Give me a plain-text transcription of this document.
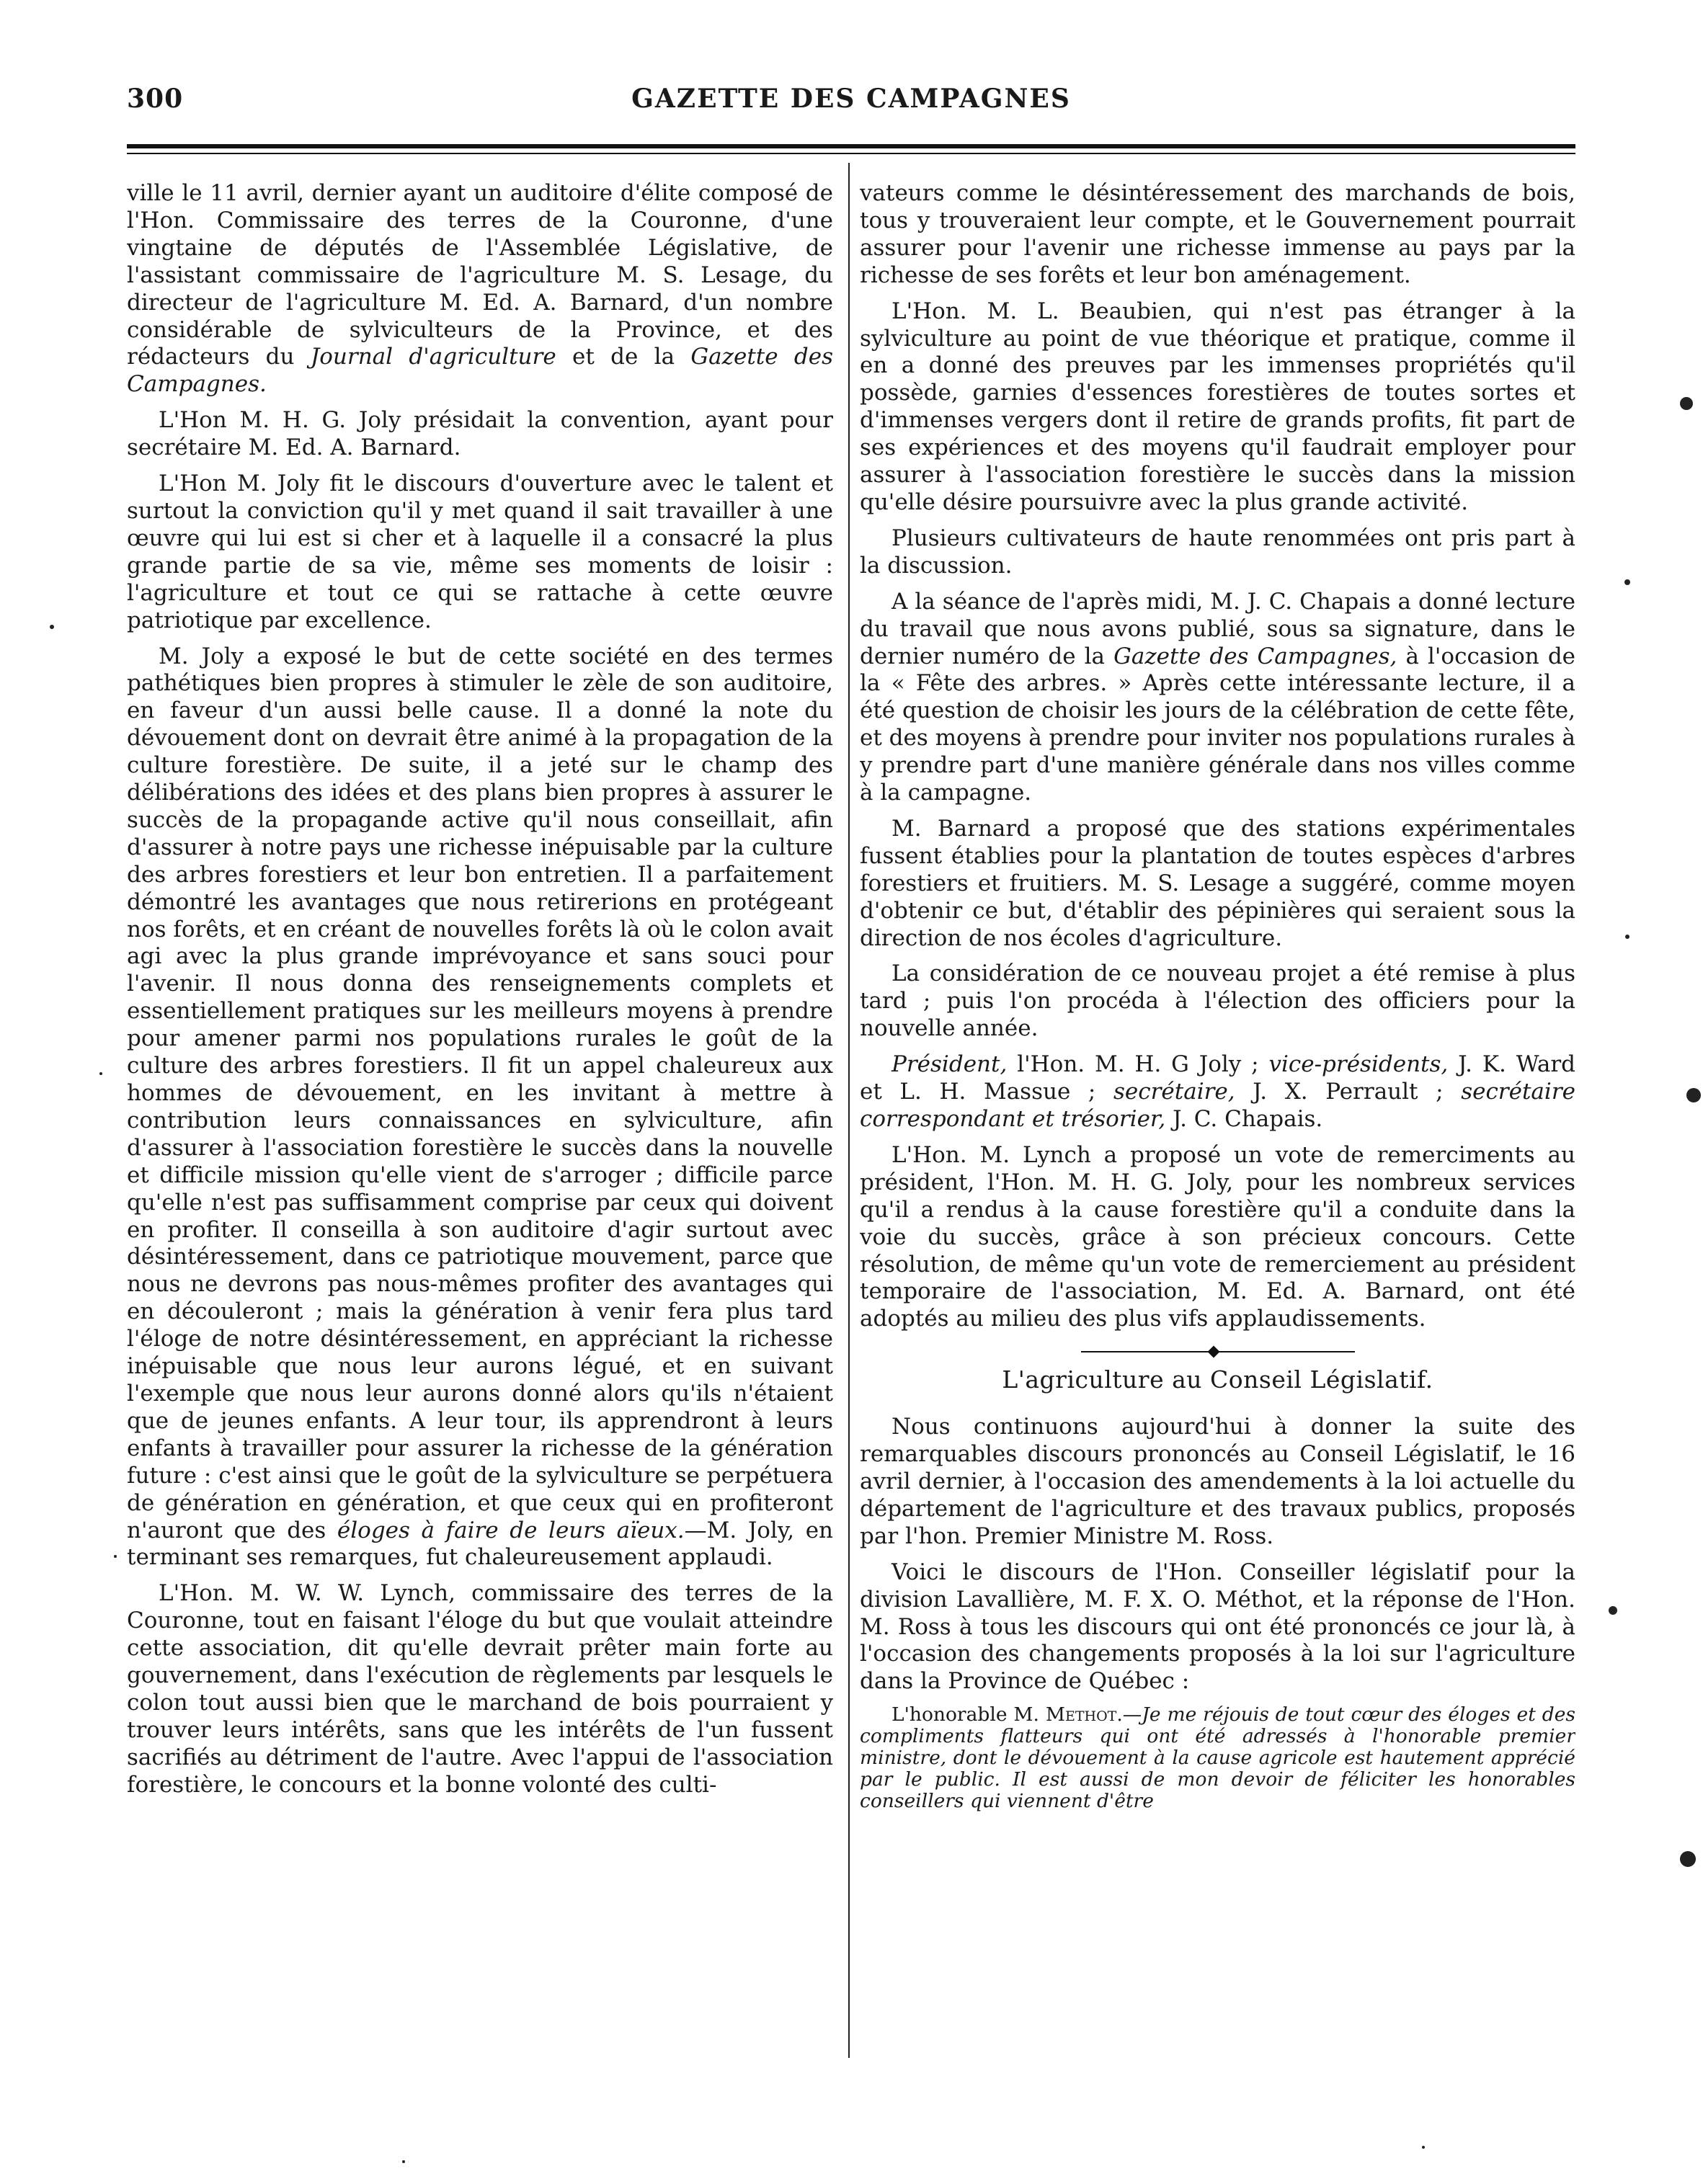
300	GAZETTE DES CAMPAGNES

ville le 11 avril, dernier ayant un auditoire d'élite composé de l'Hon. Commissaire des terres de la Couronne, d'une vingtaine de députés de l'Assemblée Législative, de l'assistant commissaire de l'agriculture M. S. Lesage, du directeur de l'agriculture M. Ed. A. Barnard, d'un nombre considérable de sylviculteurs de la Province, et des rédacteurs du Journal d'agriculture et de la Gazette des Campagnes.

L'Hon M. H. G. Joly présidait la convention, ayant pour secrétaire M. Ed. A. Barnard.

L'Hon M. Joly fit le discours d'ouverture avec le talent et surtout la conviction qu'il y met quand il sait travailler à une œuvre qui lui est si cher et à laquelle il a consacré la plus grande partie de sa vie, même ses moments de loisir : l'agriculture et tout ce qui se rattache à cette œuvre patriotique par excellence.

M. Joly a exposé le but de cette société en des termes pathétiques bien propres à stimuler le zèle de son auditoire, en faveur d'un aussi belle cause. Il a donné la note du dévouement dont on devrait être animé à la propagation de la culture forestière. De suite, il a jeté sur le champ des délibérations des idées et des plans bien propres à assurer le succès de la propagande active qu'il nous conseillait, afin d'assurer à notre pays une richesse inépuisable par la culture des arbres forestiers et leur bon entretien. Il a parfaitement démontré les avantages que nous retirerions en protégeant nos forêts, et en créant de nouvelles forêts là où le colon avait agi avec la plus grande imprévoyance et sans souci pour l'avenir. Il nous donna des renseignements complets et essentiellement pratiques sur les meilleurs moyens à prendre pour amener parmi nos populations rurales le goût de la culture des arbres forestiers. Il fit un appel chaleureux aux hommes de dévouement, en les invitant à mettre à contribution leurs connaissances en sylviculture, afin d'assurer à l'association forestière le succès dans la nouvelle et difficile mission qu'elle vient de s'arroger ; difficile parce qu'elle n'est pas suffisamment comprise par ceux qui doivent en profiter. Il conseilla à son auditoire d'agir surtout avec désintéressement, dans ce patriotique mouvement, parce que nous ne devrons pas nous-mêmes profiter des avantages qui en découleront ; mais la génération à venir fera plus tard l'éloge de notre désintéressement, en appréciant la richesse inépuisable que nous leur aurons légué, et en suivant l'exemple que nous leur aurons donné alors qu'ils n'étaient que de jeunes enfants. A leur tour, ils apprendront à leurs enfants à travailler pour assurer la richesse de la génération future : c'est ainsi que le goût de la sylviculture se perpétuera de génération en génération, et que ceux qui en profiteront n'auront que des éloges à faire de leurs aïeux.—M. Joly, en terminant ses remarques, fut chaleureusement applaudi.

L'Hon. M. W. W. Lynch, commissaire des terres de la Couronne, tout en faisant l'éloge du but que voulait atteindre cette association, dit qu'elle devrait prêter main forte au gouvernement, dans l'exécution de règlements par lesquels le colon tout aussi bien que le marchand de bois pourraient y trouver leurs intérêts, sans que les intérêts de l'un fussent sacrifiés au détriment de l'autre. Avec l'appui de l'association forestière, le concours et la bonne volonté des culti-

vateurs comme le désintéressement des marchands de bois, tous y trouveraient leur compte, et le Gouvernement pourrait assurer pour l'avenir une richesse immense au pays par la richesse de ses forêts et leur bon aménagement.

L'Hon. M. L. Beaubien, qui n'est pas étranger à la sylviculture au point de vue théorique et pratique, comme il en a donné des preuves par les immenses propriétés qu'il possède, garnies d'essences forestières de toutes sortes et d'immenses vergers dont il retire de grands profits, fit part de ses expériences et des moyens qu'il faudrait employer pour assurer à l'association forestière le succès dans la mission qu'elle désire poursuivre avec la plus grande activité.

Plusieurs cultivateurs de haute renommées ont pris part à la discussion.

A la séance de l'après midi, M. J. C. Chapais a donné lecture du travail que nous avons publié, sous sa signature, dans le dernier numéro de la Gazette des Campagnes, à l'occasion de la « Fête des arbres. » Après cette intéressante lecture, il a été question de choisir les jours de la célébration de cette fête, et des moyens à prendre pour inviter nos populations rurales à y prendre part d'une manière générale dans nos villes comme à la campagne.

M. Barnard a proposé que des stations expérimentales fussent établies pour la plantation de toutes espèces d'arbres forestiers et fruitiers. M. S. Lesage a suggéré, comme moyen d'obtenir ce but, d'établir des pépinières qui seraient sous la direction de nos écoles d'agriculture.

La considération de ce nouveau projet a été remise à plus tard ; puis l'on procéda à l'élection des officiers pour la nouvelle année.

Président, l'Hon. M. H. G Joly ; vice-présidents, J. K. Ward et L. H. Massue ; secrétaire, J. X. Perrault ; secrétaire correspondant et trésorier, J. C. Chapais.

L'Hon. M. Lynch a proposé un vote de remerciments au président, l'Hon. M. H. G. Joly, pour les nombreux services qu'il a rendus à la cause forestière qu'il a conduite dans la voie du succès, grâce à son précieux concours. Cette résolution, de même qu'un vote de remerciement au président temporaire de l'association, M. Ed. A. Barnard, ont été adoptés au milieu des plus vifs applaudissements.

L'agriculture au Conseil Législatif.

Nous continuons aujourd'hui à donner la suite des remarquables discours prononcés au Conseil Législatif, le 16 avril dernier, à l'occasion des amendements à la loi actuelle du département de l'agriculture et des travaux publics, proposés par l'hon. Premier Ministre M. Ross.

Voici le discours de l'Hon. Conseiller législatif pour la division Lavallière, M. F. X. O. Méthot, et la réponse de l'Hon. M. Ross à tous les discours qui ont été prononcés ce jour là, à l'occasion des changements proposés à la loi sur l'agriculture dans la Province de Québec :

L'honorable M. Methot.—Je me réjouis de tout cœur des éloges et des compliments flatteurs qui ont été adressés à l'honorable premier ministre, dont le dévouement à la cause agricole est hautement apprécié par le public. Il est aussi de mon devoir de féliciter les honorables conseillers qui viennent d'être
